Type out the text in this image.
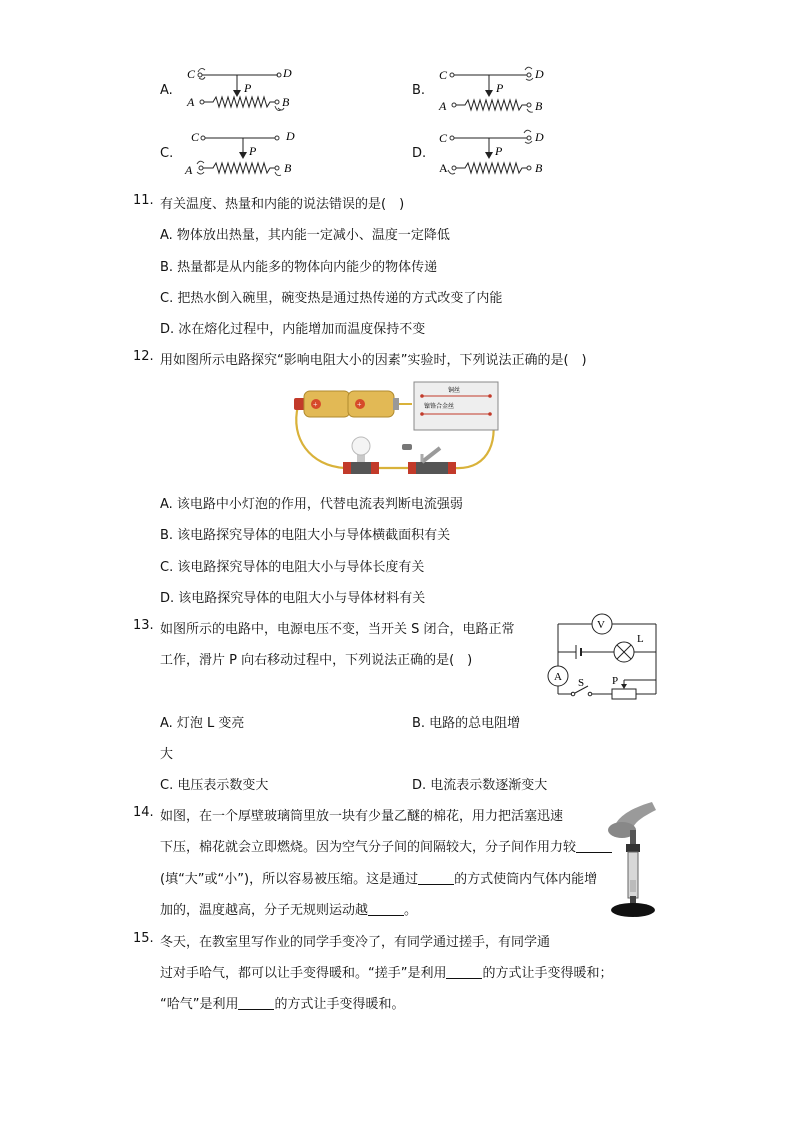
A.
C	D
P
A	B
B.
C	D
P
A	B
C.
C	D
P
A	B
D.
C	D
P
A	B
11. 有关温度、热量和内能的说法错误的是(　)
A. 物体放出热量，其内能一定减小、温度一定降低
B. 热量都是从内能多的物体向内能少的物体传递
C. 把热水倒入碗里，碗变热是通过热传递的方式改变了内能
D. 冰在熔化过程中，内能增加而温度保持不变
12. 用如图所示电路探究“影响电阻大小的因素”实验时，下列说法正确的是(　)
+	+
铜丝
镍铬合金丝
A. 该电路中小灯泡的作用，代替电流表判断电流强弱
B. 该电路探究导体的电阻大小与导体横截面积有关
C. 该电路探究导体的电阻大小与导体长度有关
D. 该电路探究导体的电阻大小与导体材料有关
13. 如图所示的电路中，电源电压不变，当开关 S 闭合，电路正常
工作，滑片 P 向右移动过程中，下列说法正确的是(　)
V
L
A S	P
A. 灯泡 L 变亮	B. 电路的总电阻增
大
C. 电压表示数变大	D. 电流表示数逐渐变大
14. 如图，在一个厚壁玻璃筒里放一块有少量乙醚的棉花，用力把活塞迅速
下压，棉花就会立即燃烧。因为空气分子间的间隔较大，分子间作用力较
(填“大”或“小”)，所以容易被压缩。这是通过	的方式使筒内气体内能增
加的，温度越高，分子无规则运动越	。
15. 冬天，在教室里写作业的同学手变冷了，有同学通过搓手，有同学通
过对手哈气，都可以让手变得暖和。“搓手”是利用	的方式让手变得暖和；
“哈气”是利用	的方式让手变得暖和。
